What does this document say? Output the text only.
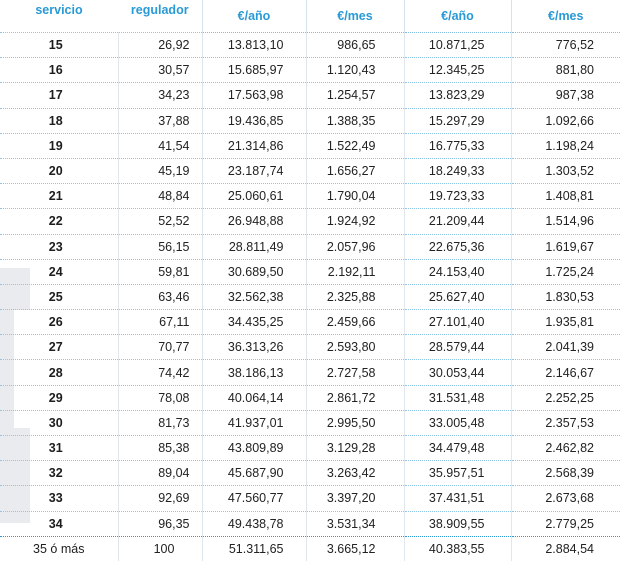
servicio	regulador	€/año	€/mes	€/año	€/mes
15	26,92	13.813,10	986,65	10.871,25	776,52
16	30,57	15.685,97	1.120,43	12.345,25	881,80
17	34,23	17.563,98	1.254,57	13.823,29	987,38
18	37,88	19.436,85	1.388,35	15.297,29	1.092,66
19	41,54	21.314,86	1.522,49	16.775,33	1.198,24
20	45,19	23.187,74	1.656,27	18.249,33	1.303,52
21	48,84	25.060,61	1.790,04	19.723,33	1.408,81
22	52,52	26.948,88	1.924,92	21.209,44	1.514,96
23	56,15	28.811,49	2.057,96	22.675,36	1.619,67
24	59,81	30.689,50	2.192,11	24.153,40	1.725,24
25	63,46	32.562,38	2.325,88	25.627,40	1.830,53
26	67,11	34.435,25	2.459,66	27.101,40	1.935,81
27	70,77	36.313,26	2.593,80	28.579,44	2.041,39
28	74,42	38.186,13	2.727,58	30.053,44	2.146,67
29	78,08	40.064,14	2.861,72	31.531,48	2.252,25
30	81,73	41.937,01	2.995,50	33.005,48	2.357,53
31	85,38	43.809,89	3.129,28	34.479,48	2.462,82
32	89,04	45.687,90	3.263,42	35.957,51	2.568,39
33	92,69	47.560,77	3.397,20	37.431,51	2.673,68
34	96,35	49.438,78	3.531,34	38.909,55	2.779,25
35 ó más	100	51.311,65	3.665,12	40.383,55	2.884,54
